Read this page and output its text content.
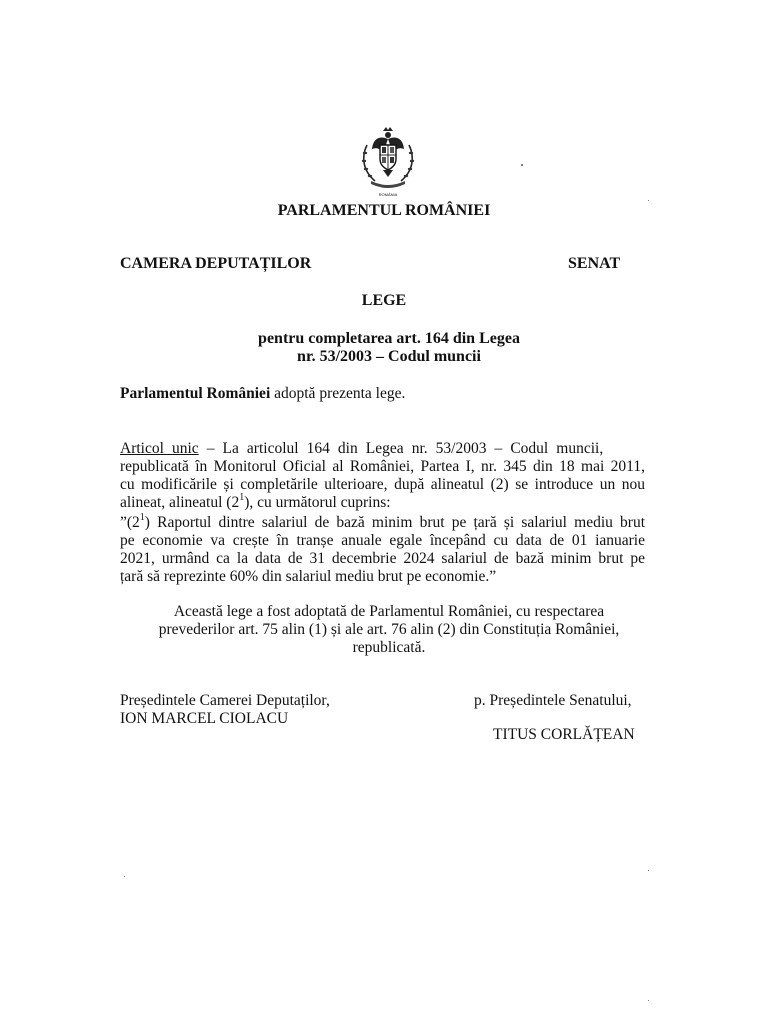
ROMÂNIA
PARLAMENTUL ROMÂNIEI
CAMERA DEPUTAȚILOR	SENAT
LEGE
pentru completarea art. 164 din Legea
nr. 53/2003 – Codul muncii
Parlamentul României adoptă prezenta lege.
Articol unic – La articolul 164 din Legea nr. 53/2003 – Codul muncii,
republicată în Monitorul Oficial al României, Partea I, nr. 345 din 18 mai 2011,
cu modificările și completările ulterioare, după alineatul (2) se introduce un nou
alineat, alineatul $(2^1)$, cu următorul cuprins:
$”(2^1)$ Raportul dintre salariul de bază minim brut pe țară și salariul mediu brut
pe economie va crește în tranșe anuale egale începând cu data de 01 ianuarie
2021, urmând ca la data de 31 decembrie 2024 salariul de bază minim brut pe
țară să reprezinte 60% din salariul mediu brut pe economie.”
Această lege a fost adoptată de Parlamentul României, cu respectarea
prevederilor art. 75 alin (1) și ale art. 76 alin (2) din Constituția României,
republicată.
Președintele Camerei Deputaților,
ION MARCEL CIOLACU
p. Președintele Senatului,
TITUS CORLĂȚEAN
